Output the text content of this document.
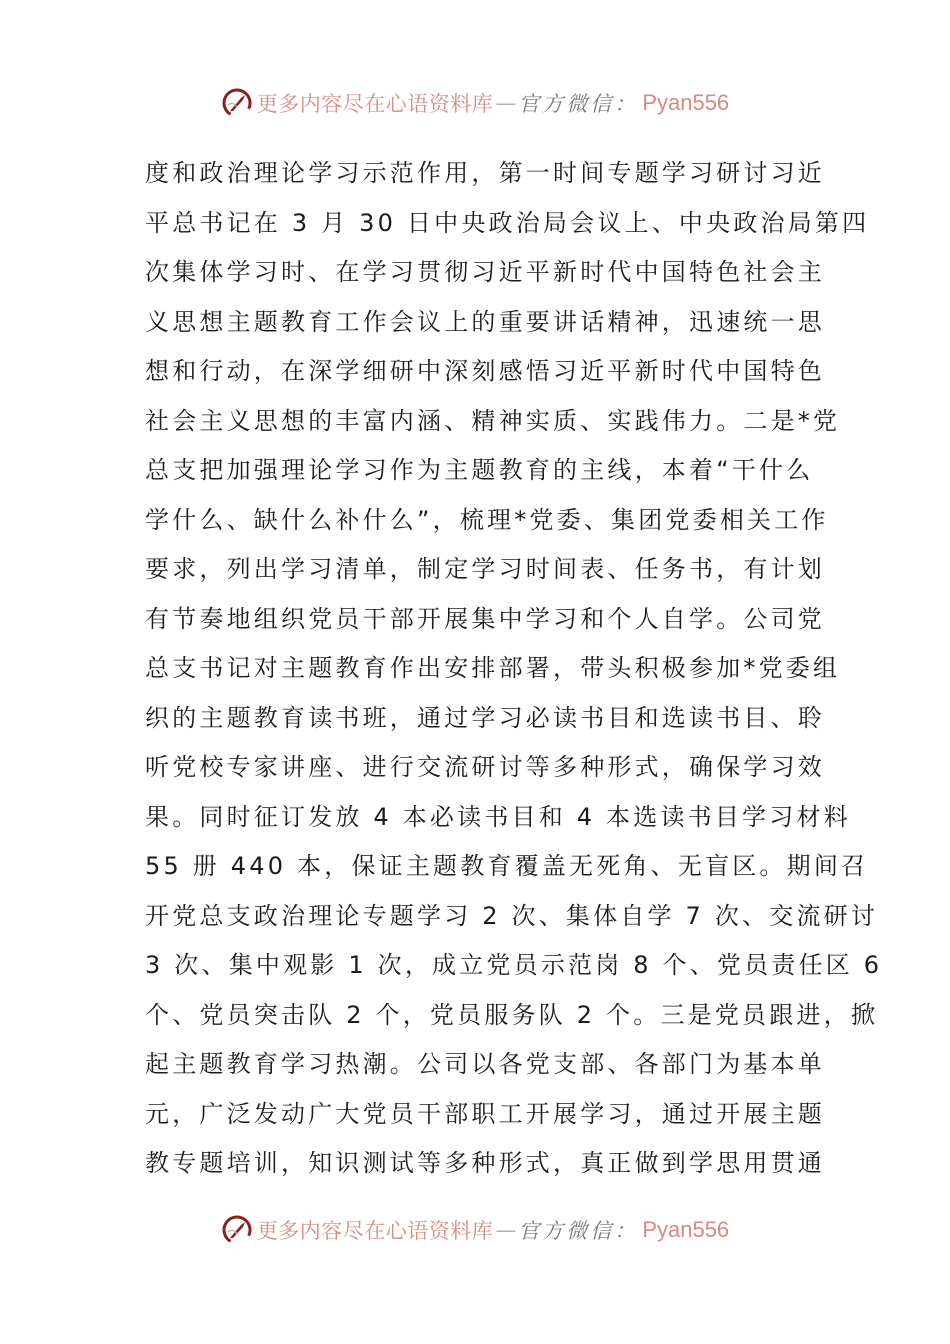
更多内容尽在心语资料库 — 官方微信： Pyan556
度和政治理论学习示范作用，第一时间专题学习研讨习近
平总书记在 3 月 30 日中央政治局会议上、中央政治局第四
次集体学习时、在学习贯彻习近平新时代中国特色社会主
义思想主题教育工作会议上的重要讲话精神，迅速统一思
想和行动，在深学细研中深刻感悟习近平新时代中国特色
社会主义思想的丰富内涵、精神实质、实践伟力。二是*党
总支把加强理论学习作为主题教育的主线，本着“干什么
学什么、缺什么补什么”，梳理*党委、集团党委相关工作
要求，列出学习清单，制定学习时间表、任务书，有计划
有节奏地组织党员干部开展集中学习和个人自学。公司党
总支书记对主题教育作出安排部署，带头积极参加*党委组
织的主题教育读书班，通过学习必读书目和选读书目、聆
听党校专家讲座、进行交流研讨等多种形式，确保学习效
果。同时征订发放 4 本必读书目和 4 本选读书目学习材料
55 册 440 本，保证主题教育覆盖无死角、无盲区。期间召
开党总支政治理论专题学习 2 次、集体自学 7 次、交流研讨
3 次、集中观影 1 次，成立党员示范岗 8 个、党员责任区 6
个、党员突击队 2 个，党员服务队 2 个。三是党员跟进，掀
起主题教育学习热潮。公司以各党支部、各部门为基本单
元，广泛发动广大党员干部职工开展学习，通过开展主题
教专题培训，知识测试等多种形式，真正做到学思用贯通
更多内容尽在心语资料库 — 官方微信： Pyan556
